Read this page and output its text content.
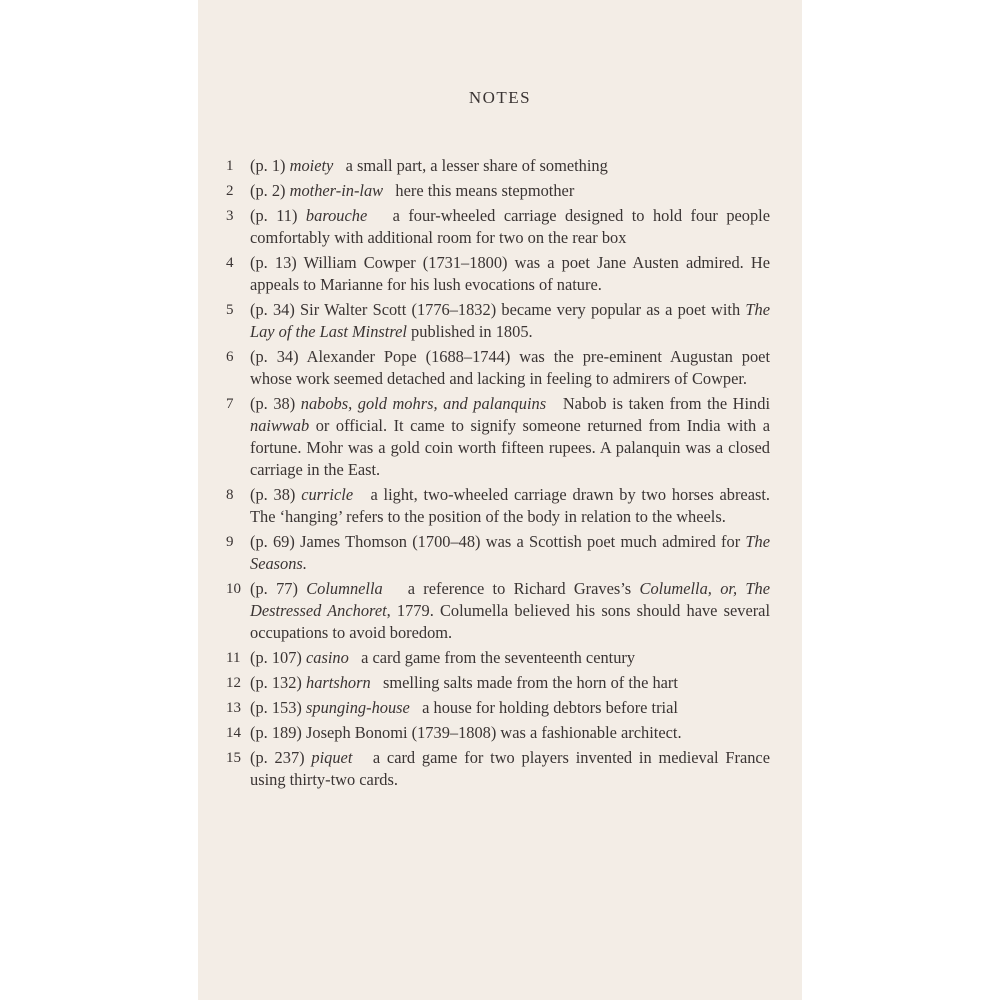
NOTES
1	(p. 1) moiety a small part, a lesser share of something
2	(p. 2) mother-in-law here this means stepmother
3	(p. 11) barouche a four-wheeled carriage designed to hold four people comfortably with additional room for two on the rear box
4	(p. 13) William Cowper (1731–1800) was a poet Jane Austen admired. He appeals to Marianne for his lush evocations of nature.
5	(p. 34) Sir Walter Scott (1776–1832) became very popular as a poet with The Lay of the Last Minstrel published in 1805.
6	(p. 34) Alexander Pope (1688–1744) was the pre-eminent Augustan poet whose work seemed detached and lacking in feeling to admirers of Cowper.
7	(p. 38) nabobs, gold mohrs, and palanquins Nabob is taken from the Hindi naiwwab or official. It came to signify someone returned from India with a fortune. Mohr was a gold coin worth fifteen rupees. A palanquin was a closed carriage in the East.
8	(p. 38) curricle a light, two-wheeled carriage drawn by two horses abreast. The ‘hanging’ refers to the position of the body in relation to the wheels.
9	(p. 69) James Thomson (1700–48) was a Scottish poet much admired for The Seasons.
10 (p. 77) Columnella a reference to Richard Graves’s Columella, or, The Destressed Anchoret, 1779. Columella believed his sons should have several occupations to avoid boredom.
11 (p. 107) casino a card game from the seventeenth century
12 (p. 132) hartshorn smelling salts made from the horn of the hart
13 (p. 153) spunging-house a house for holding debtors before trial
14 (p. 189) Joseph Bonomi (1739–1808) was a fashionable architect.
15 (p. 237) piquet a card game for two players invented in medieval France using thirty-two cards.
